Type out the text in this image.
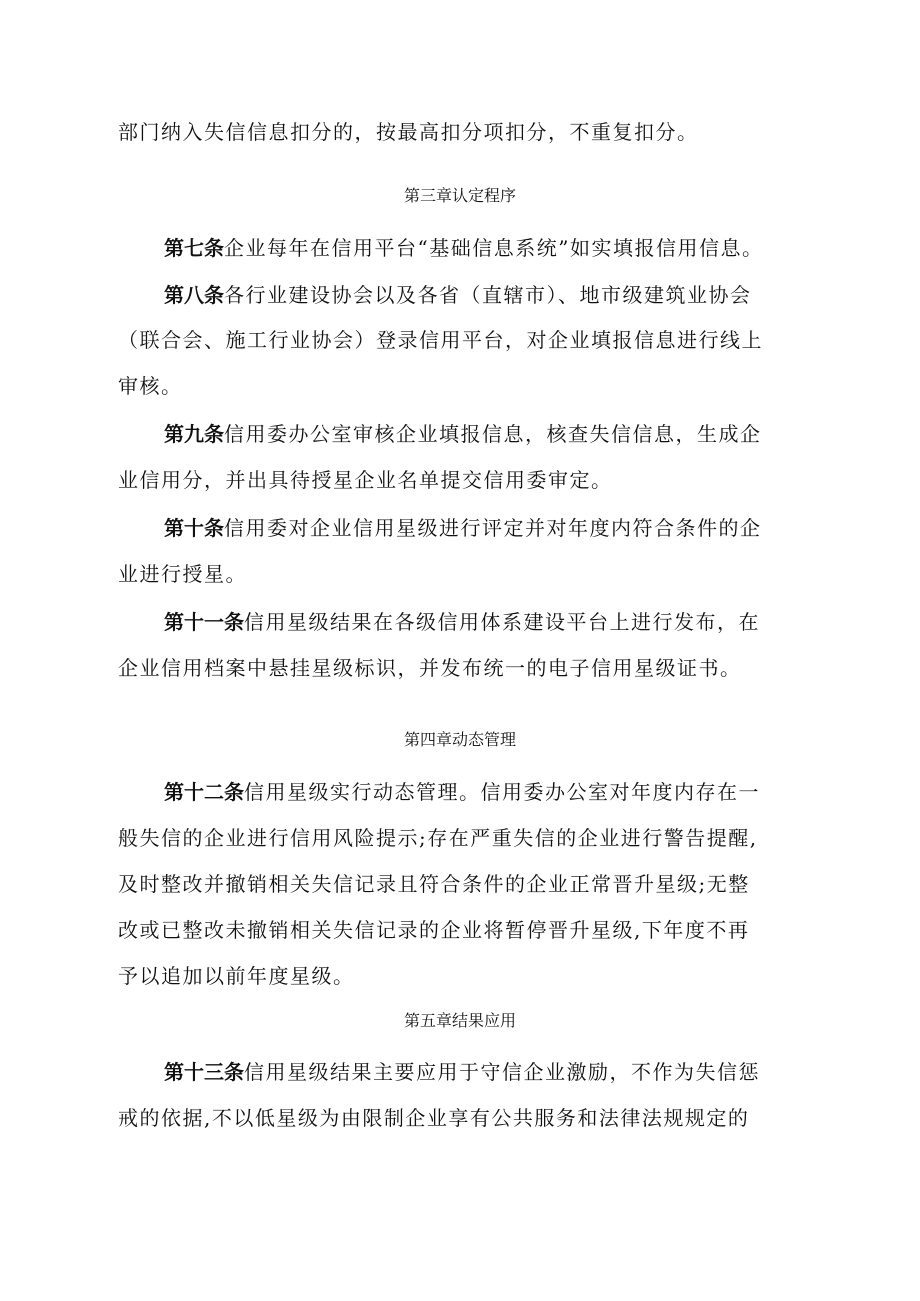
部门纳入失信信息扣分的，按最高扣分项扣分，不重复扣分。
第三章认定程序
第七条企业每年在信用平台“基础信息系统”如实填报信用信息。
第八条各行业建设协会以及各省（直辖市）、地市级建筑业协会
（联合会、施工行业协会）登录信用平台，对企业填报信息进行线上
审核。
第九条信用委办公室审核企业填报信息，核查失信信息，生成企
业信用分，并出具待授星企业名单提交信用委审定。
第十条信用委对企业信用星级进行评定并对年度内符合条件的企
业进行授星。
第十一条信用星级结果在各级信用体系建设平台上进行发布，在
企业信用档案中悬挂星级标识，并发布统一的电子信用星级证书。
第四章动态管理
第十二条信用星级实行动态管理。信用委办公室对年度内存在一
般失信的企业进行信用风险提示;存在严重失信的企业进行警告提醒,
及时整改并撤销相关失信记录且符合条件的企业正常晋升星级;无整
改或已整改未撤销相关失信记录的企业将暂停晋升星级,下年度不再
予以追加以前年度星级。
第五章结果应用
第十三条信用星级结果主要应用于守信企业激励，不作为失信惩
戒的依据,不以低星级为由限制企业享有公共服务和法律法规规定的
